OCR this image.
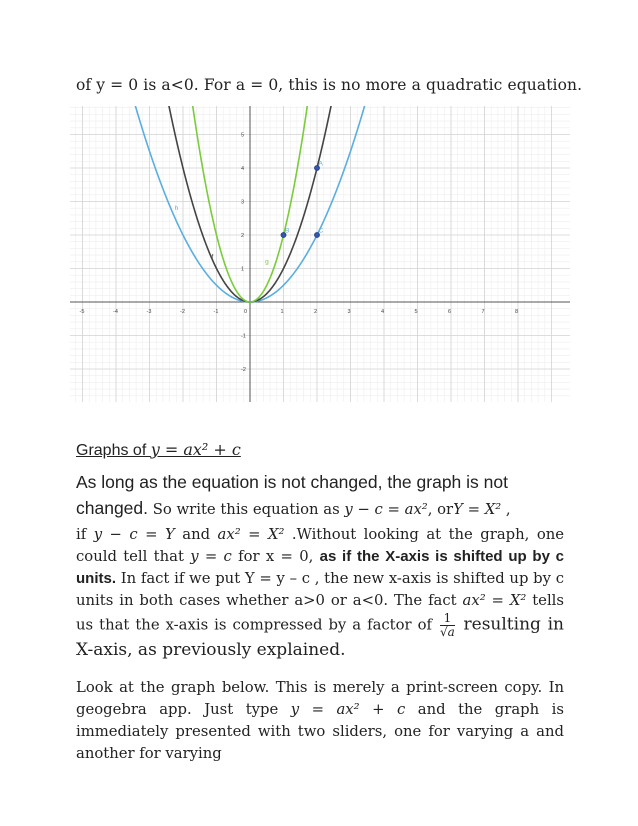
of y = 0 is a<0. For a = 0, this is no more a quadratic equation.
-5	-4	-3	-2	-1	0	1	2	3	4	5	6	7	8
5
4
3
2
1
-1
-2
h
f
g
B
A
C
Graphs of y = ax² + c
As long as the equation is not changed, the graph is not
changed. So write this equation as y − c = ax², orY = X² ,
if y − c = Y and ax² = X² .Without looking at the graph, one could tell that y = c for x = 0, as if the X-axis is shifted up by c units. In fact if we put Y = y – c , the new x-axis is shifted up by c units in both cases whether a>0 or a<0. The fact ax² = X² tells us that the x-axis is compressed by a factor of $\frac{1}{√a}$ resulting in X-axis, as previously explained.
Look at the graph below. This is merely a print-screen copy. In geogebra app. Just type y = ax² + c and the graph is immediately presented with two sliders, one for varying a and another for varying
